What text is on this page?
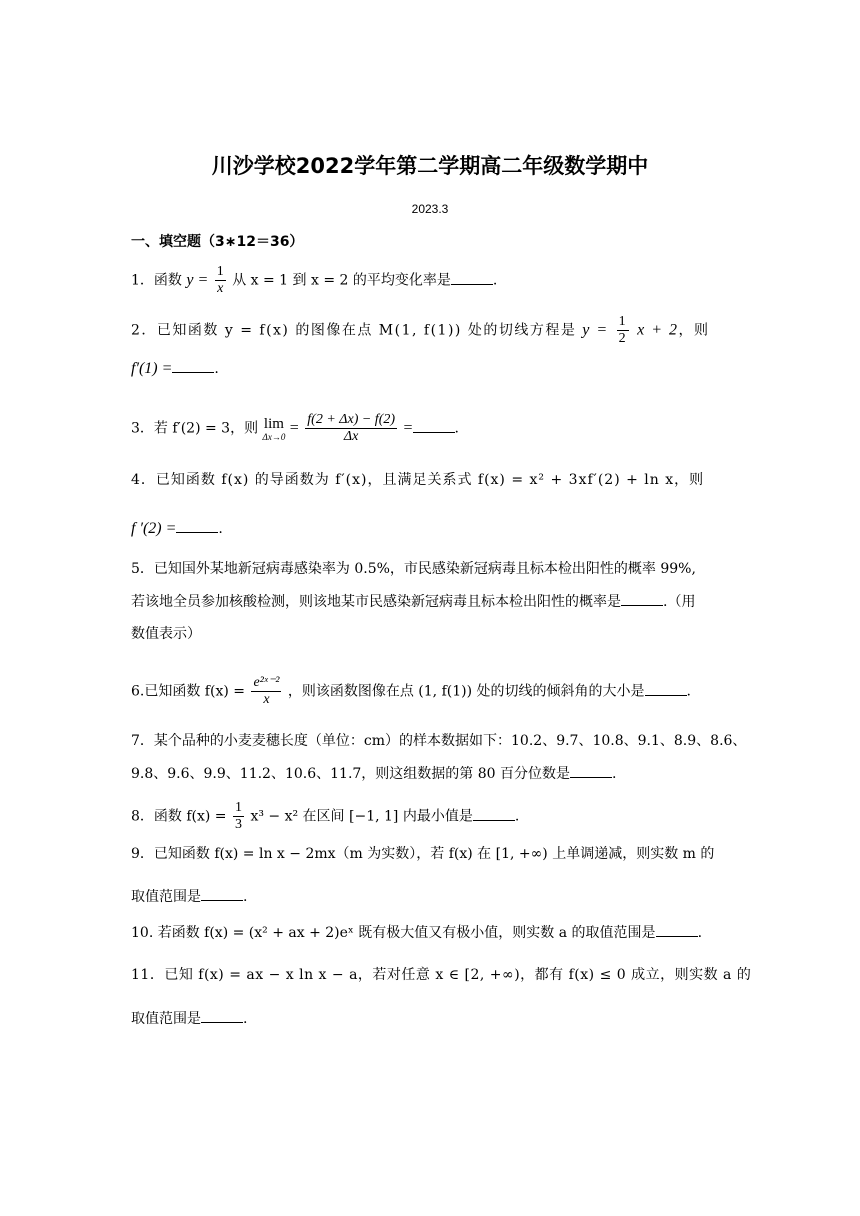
川沙学校2022学年第二学期高二年级数学期中
2023.3
一、填空题（3∗12＝36）
1．函数 $y = \frac{1}{x}$ 从 x = 1 到 x = 2 的平均变化率是	.
2．已知函数 y = f(x) 的图像在点 M(1, f(1)) 处的切线方程是 $y = \frac{1}{2}$ x + 2，则
f′(1) =	.
3．若 f′(2) = 3，则 lim
$\Delta x\to 0 = \frac{f(2 + \Delta x) - f(2)}{\Delta x}$ =	.
4．已知函数 f(x) 的导函数为 f′(x)，且满足关系式 f(x) = x² + 3xf′(2) + ln x，则
f ′(2) =	.
5．已知国外某地新冠病毒感染率为 0.5%，市民感染新冠病毒且标本检出阳性的概率 99%,
若该地全员参加核酸检测，则该地某市民感染新冠病毒且标本检出阳性的概率是	.（用
数值表示）
6.已知函数 $f(x) = \frac{\text{e²ˣ⁻²}}{x}$ ，则该函数图像在点 (1, f(1)) 处的切线的倾斜角的大小是	.
7．某个品种的小麦麦穗长度（单位：cm）的样本数据如下：10.2、9.7、10.8、9.1、8.9、8.6、
9.8、9.6、9.9、11.2、10.6、11.7，则这组数据的第 80 百分位数是	.
8．函数 $f(x) = \frac{1}{3} x^3 - x^2$ 在区间 [−1, 1] 内最小值是	.
9．已知函数 f(x) = ln x − 2mx（m 为实数），若 f(x) 在 [1, +∞) 上单调递减，则实数 m 的
取值范围是	.
10. 若函数 f(x) = (x² + ax + 2)eˣ 既有极大值又有极小值，则实数 a 的取值范围是	.
11．已知 f(x) = ax − x ln x − a，若对任意 x ∈ [2, +∞)，都有 f(x) ≤ 0 成立，则实数 a 的
取值范围是	.
